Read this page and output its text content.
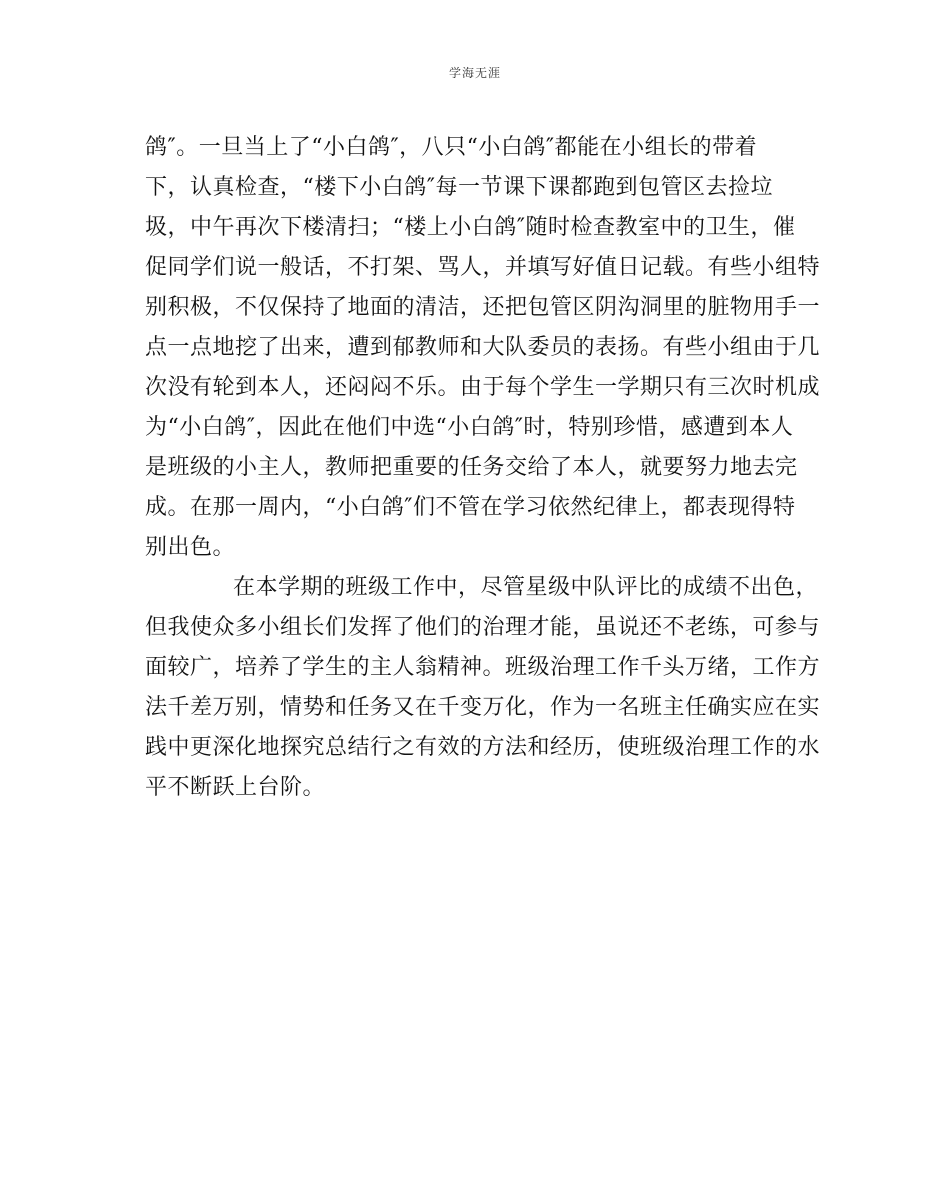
学海无涯
鸽″。一旦当上了“小白鸽″，八只“小白鸽″都能在小组长的带着
下，认真检查，“楼下小白鸽″每一节课下课都跑到包管区去捡垃
圾，中午再次下楼清扫；“楼上小白鸽″随时检查教室中的卫生，催
促同学们说一般话，不打架、骂人，并填写好值日记载。有些小组特
别积极，不仅保持了地面的清洁，还把包管区阴沟洞里的脏物用手一
点一点地挖了出来，遭到郁教师和大队委员的表扬。有些小组由于几
次没有轮到本人，还闷闷不乐。由于每个学生一学期只有三次时机成
为“小白鸽″，因此在他们中选“小白鸽″时，特别珍惜，感遭到本人
是班级的小主人，教师把重要的任务交给了本人，就要努力地去完
成。在那一周内，“小白鸽″们不管在学习依然纪律上，都表现得特
别出色。
在本学期的班级工作中，尽管星级中队评比的成绩不出色，
但我使众多小组长们发挥了他们的治理才能，虽说还不老练，可参与
面较广，培养了学生的主人翁精神。班级治理工作千头万绪，工作方
法千差万别，情势和任务又在千变万化，作为一名班主任确实应在实
践中更深化地探究总结行之有效的方法和经历，使班级治理工作的水
平不断跃上台阶。
